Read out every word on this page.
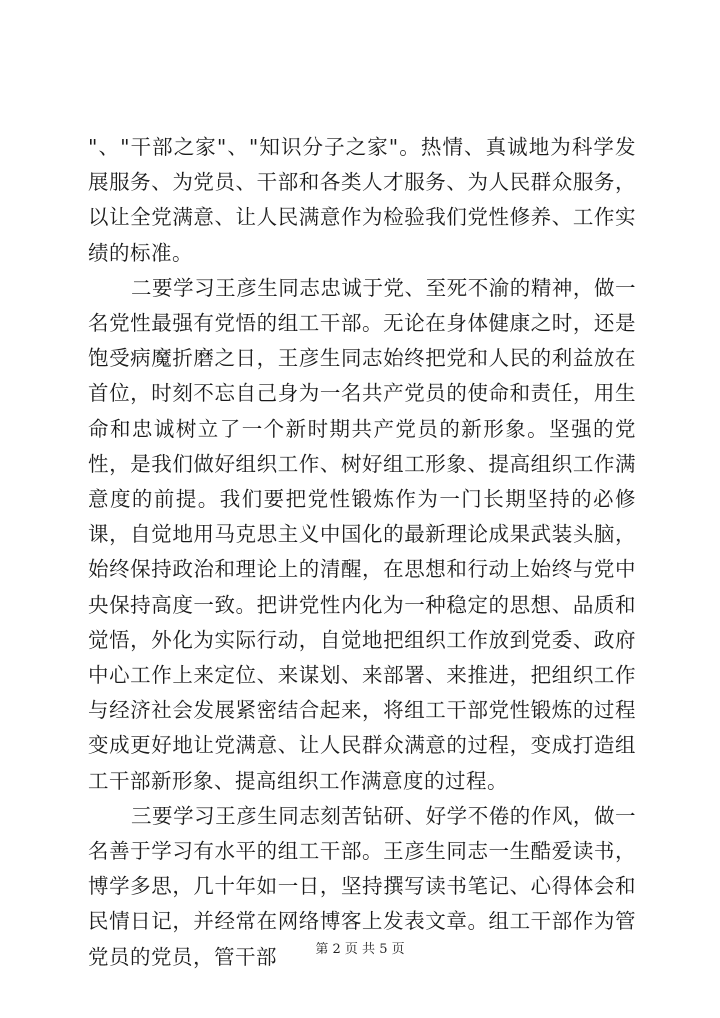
"、"干部之家"、"知识分子之家"。热情、真诚地为科学发展服务、为党员、干部和各类人才服务、为人民群众服务，以让全党满意、让人民满意作为检验我们党性修养、工作实绩的标准。

二要学习王彦生同志忠诚于党、至死不渝的精神，做一名党性最强有党悟的组工干部。无论在身体健康之时，还是饱受病魔折磨之日，王彦生同志始终把党和人民的利益放在首位，时刻不忘自己身为一名共产党员的使命和责任，用生命和忠诚树立了一个新时期共产党员的新形象。坚强的党性，是我们做好组织工作、树好组工形象、提高组织工作满意度的前提。我们要把党性锻炼作为一门长期坚持的必修课，自觉地用马克思主义中国化的最新理论成果武装头脑，始终保持政治和理论上的清醒，在思想和行动上始终与党中央保持高度一致。把讲党性内化为一种稳定的思想、品质和觉悟，外化为实际行动，自觉地把组织工作放到党委、政府中心工作上来定位、来谋划、来部署、来推进，把组织工作与经济社会发展紧密结合起来，将组工干部党性锻炼的过程变成更好地让党满意、让人民群众满意的过程，变成打造组工干部新形象、提高组织工作满意度的过程。

三要学习王彦生同志刻苦钻研、好学不倦的作风，做一名善于学习有水平的组工干部。王彦生同志一生酷爱读书，博学多思，几十年如一日，坚持撰写读书笔记、心得体会和民情日记，并经常在网络博客上发表文章。组工干部作为管党员的党员，管干部	第 2 页 共 5 页
